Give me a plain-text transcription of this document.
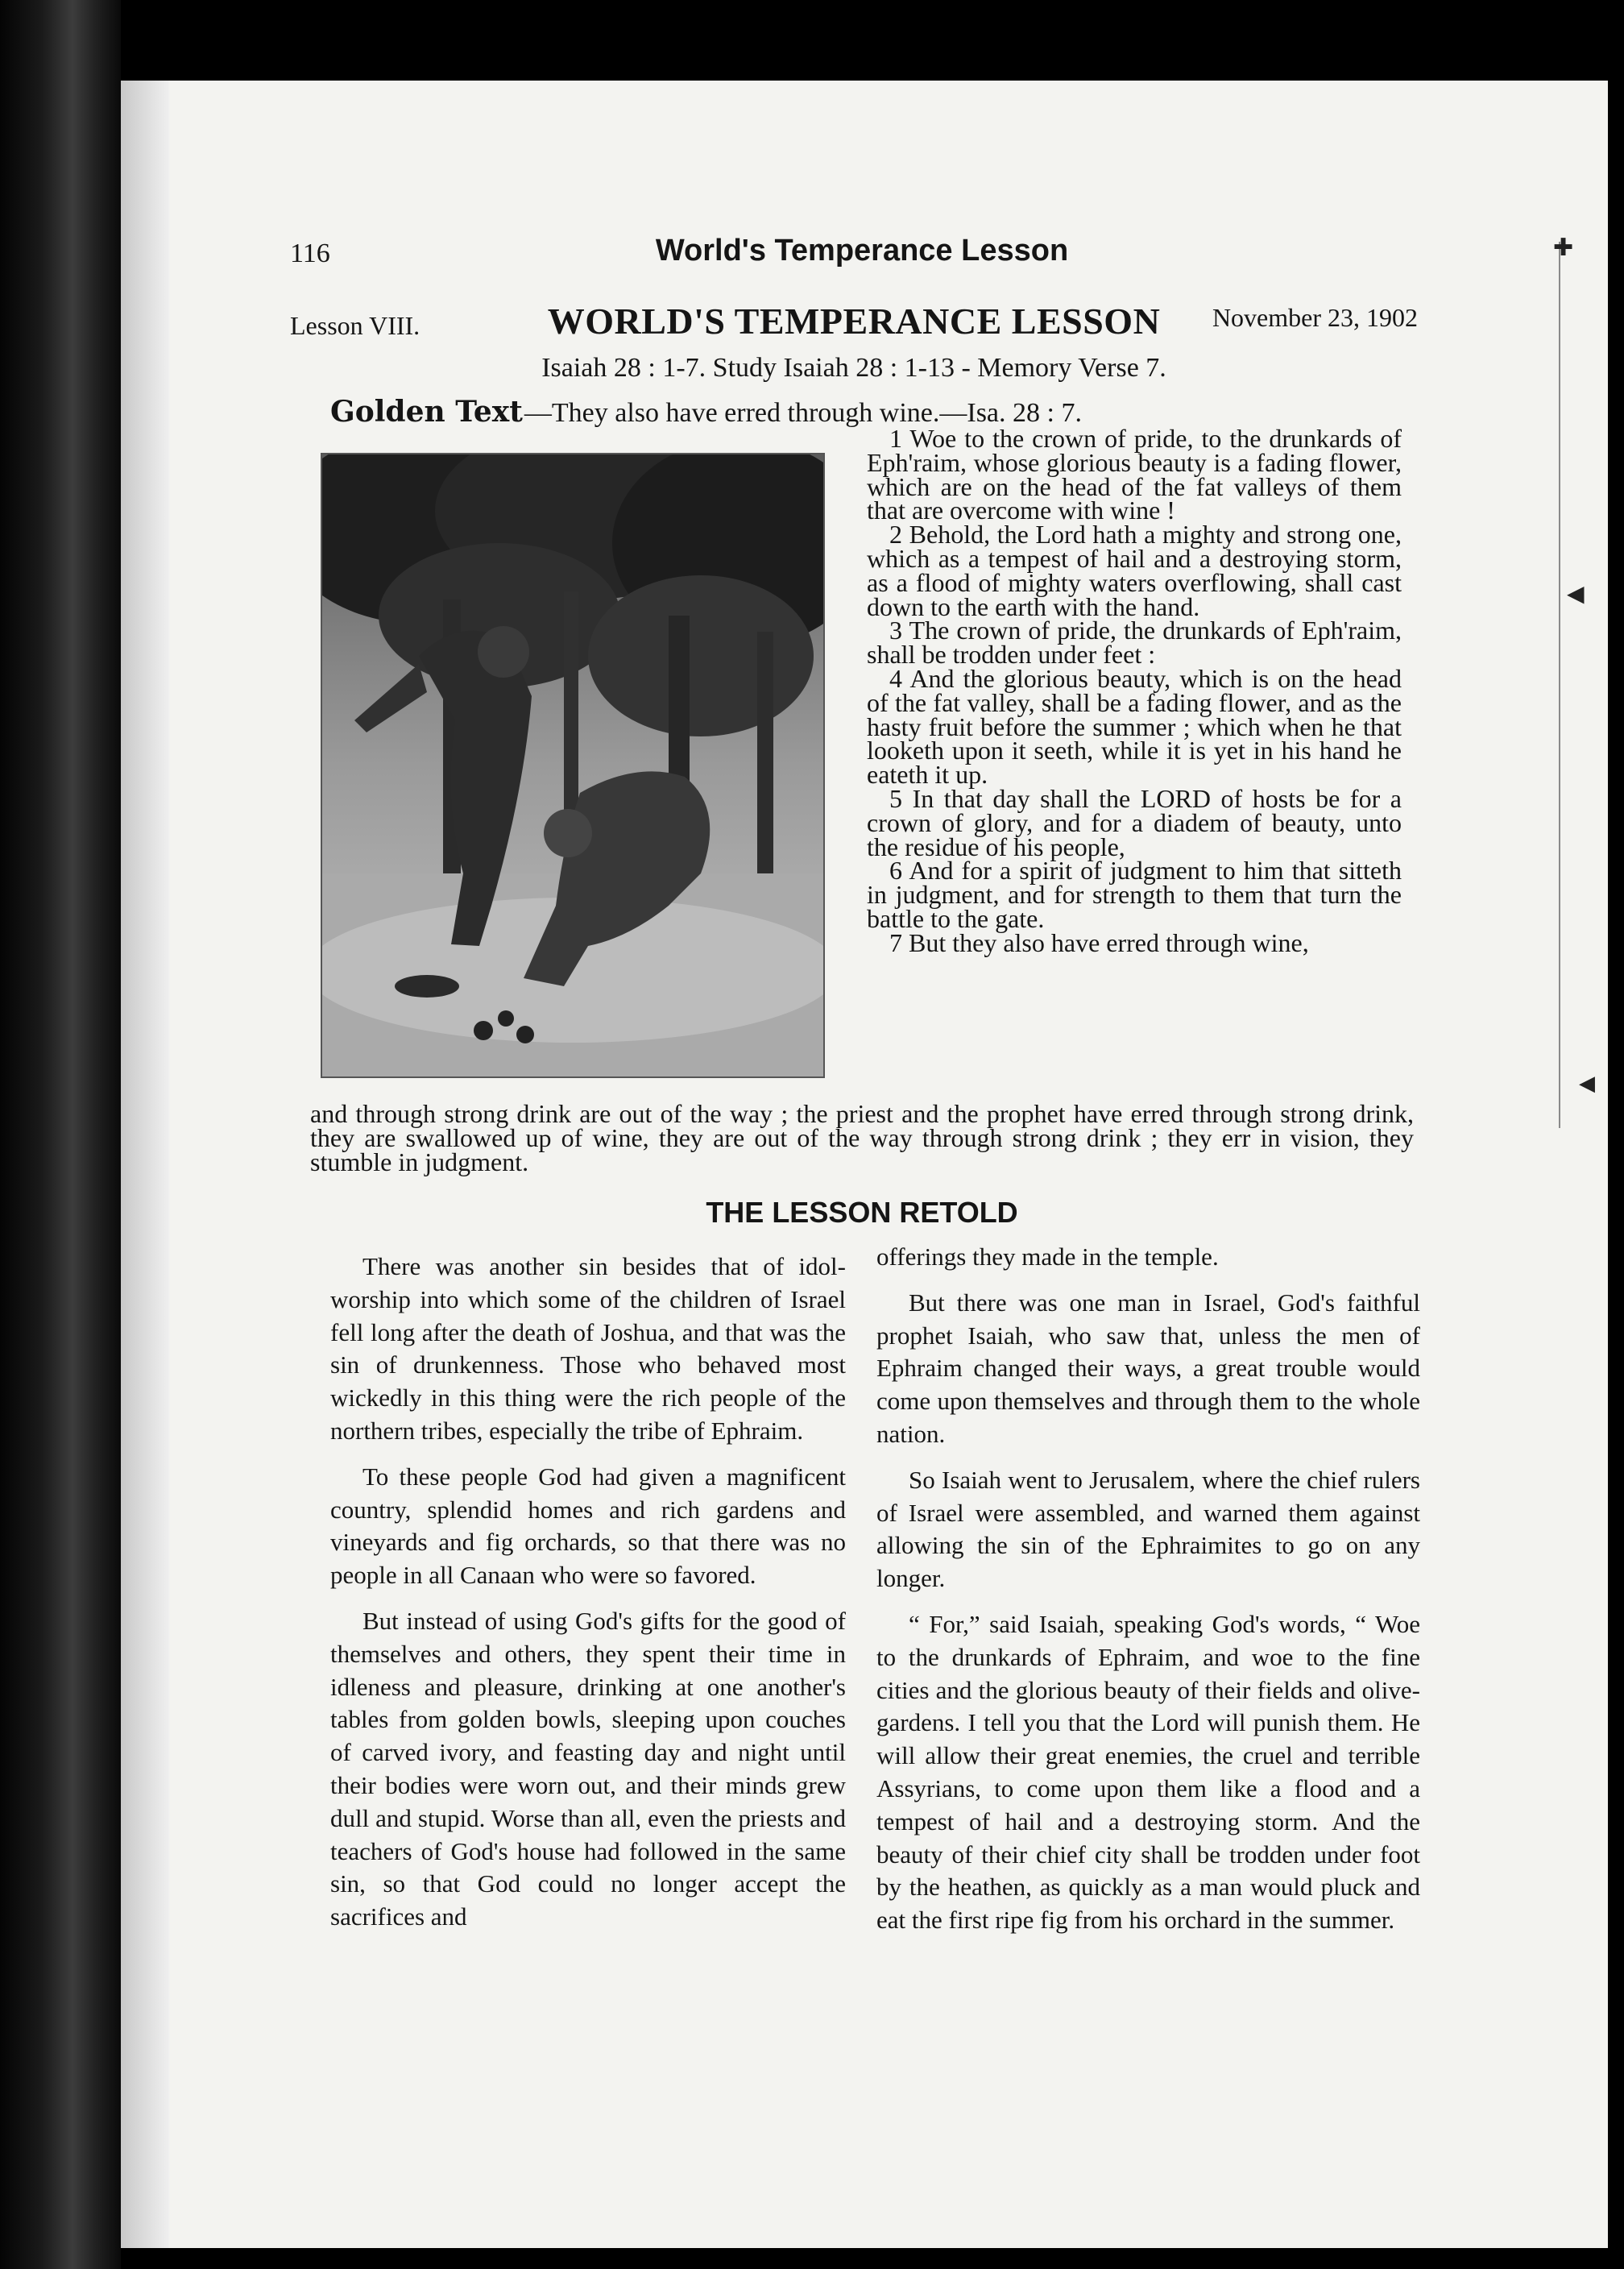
✚
◀
◀
116	World's Temperance Lesson
Lesson VIII.	WORLD'S TEMPERANCE LESSON	November 23, 1902
Isaiah 28 : 1-7. Study Isaiah 28 : 1-13 - Memory Verse 7.
Golden Text—They also have erred through wine.—Isa. 28 : 7.

1 Woe to the crown of pride, to the drunkards of Eph'raim, whose glorious beauty is a fading flower, which are on the head of the fat valleys of them that are overcome with wine !

2 Behold, the Lord hath a mighty and strong one, which as a tempest of hail and a destroying storm, as a flood of mighty waters overflowing, shall cast down to the earth with the hand.

3 The crown of pride, the drunkards of Eph'raim, shall be trodden under feet :

4 And the glorious beauty, which is on the head of the fat valley, shall be a fading flower, and as the hasty fruit before the summer ; which when he that looketh upon it seeth, while it is yet in his hand he eateth it up.

5 In that day shall the LORD of hosts be for a crown of glory, and for a diadem of beauty, unto the residue of his people,

6 And for a spirit of judgment to him that sitteth in judgment, and for strength to them that turn the battle to the gate.

7 But they also have erred through wine,

and through strong drink are out of the way ; the priest and the prophet have erred through strong drink, they are swallowed up of wine, they are out of the way through strong drink ; they err in vision, they stumble in judgment.

THE LESSON RETOLD

There was another sin besides that of idol-worship into which some of the children of Israel fell long after the death of Joshua, and that was the sin of drunkenness. Those who behaved most wickedly in this thing were the rich people of the northern tribes, especially the tribe of Ephraim.

To these people God had given a magnificent country, splendid homes and rich gardens and vineyards and fig orchards, so that there was no people in all Canaan who were so favored.

But instead of using God's gifts for the good of themselves and others, they spent their time in idleness and pleasure, drinking at one another's tables from golden bowls, sleeping upon couches of carved ivory, and feasting day and night until their bodies were worn out, and their minds grew dull and stupid. Worse than all, even the priests and teachers of God's house had followed in the same sin, so that God could no longer accept the sacrifices and

offerings they made in the temple.

But there was one man in Israel, God's faithful prophet Isaiah, who saw that, unless the men of Ephraim changed their ways, a great trouble would come upon themselves and through them to the whole nation.

So Isaiah went to Jerusalem, where the chief rulers of Israel were assembled, and warned them against allowing the sin of the Ephraimites to go on any longer.

“ For,” said Isaiah, speaking God's words, “ Woe to the drunkards of Ephraim, and woe to the fine cities and the glorious beauty of their fields and olive-gardens. I tell you that the Lord will punish them. He will allow their great enemies, the cruel and terrible Assyrians, to come upon them like a flood and a tempest of hail and a destroying storm. And the beauty of their chief city shall be trodden under foot by the heathen, as quickly as a man would pluck and eat the first ripe fig from his orchard in the summer.
